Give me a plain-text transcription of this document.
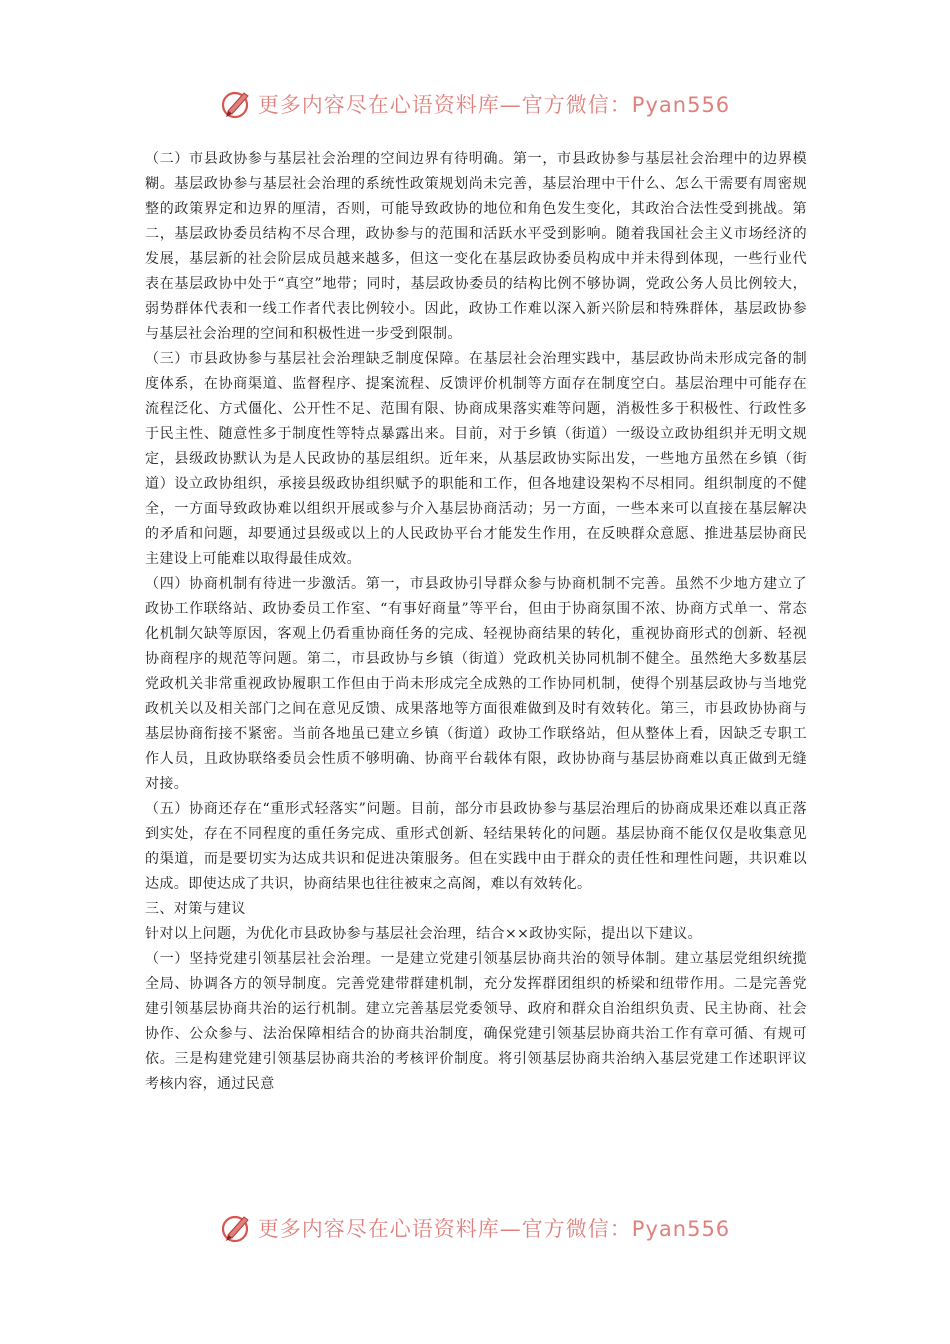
更多内容尽在心语资料库—官方微信：Pyan556

（二）市县政协参与基层社会治理的空间边界有待明确。第一，市县政协参与基层社会治理中的边界模糊。基层政协参与基层社会治理的系统性政策规划尚未完善，基层治理中干什么、怎么干需要有周密规整的政策界定和边界的厘清，否则，可能导致政协的地位和角色发生变化，其政治合法性受到挑战。第二，基层政协委员结构不尽合理，政协参与的范围和活跃水平受到影响。随着我国社会主义市场经济的发展，基层新的社会阶层成员越来越多，但这一变化在基层政协委员构成中并未得到体现，一些行业代表在基层政协中处于“真空”地带；同时，基层政协委员的结构比例不够协调，党政公务人员比例较大，弱势群体代表和一线工作者代表比例较小。因此，政协工作难以深入新兴阶层和特殊群体，基层政协参与基层社会治理的空间和积极性进一步受到限制。

（三）市县政协参与基层社会治理缺乏制度保障。在基层社会治理实践中，基层政协尚未形成完备的制度体系，在协商渠道、监督程序、提案流程、反馈评价机制等方面存在制度空白。基层治理中可能存在流程泛化、方式僵化、公开性不足、范围有限、协商成果落实难等问题，消极性多于积极性、行政性多于民主性、随意性多于制度性等特点暴露出来。目前，对于乡镇（街道）一级设立政协组织并无明文规定，县级政协默认为是人民政协的基层组织。近年来，从基层政协实际出发，一些地方虽然在乡镇（街道）设立政协组织，承接县级政协组织赋予的职能和工作，但各地建设架构不尽相同。组织制度的不健全，一方面导致政协难以组织开展或参与介入基层协商活动；另一方面，一些本来可以直接在基层解决的矛盾和问题，却要通过县级或以上的人民政协平台才能发生作用，在反映群众意愿、推进基层协商民主建设上可能难以取得最佳成效。

（四）协商机制有待进一步激活。第一，市县政协引导群众参与协商机制不完善。虽然不少地方建立了政协工作联络站、政协委员工作室、“有事好商量”等平台，但由于协商氛围不浓、协商方式单一、常态化机制欠缺等原因，客观上仍看重协商任务的完成、轻视协商结果的转化，重视协商形式的创新、轻视协商程序的规范等问题。第二，市县政协与乡镇（街道）党政机关协同机制不健全。虽然绝大多数基层党政机关非常重视政协履职工作但由于尚未形成完全成熟的工作协同机制，使得个别基层政协与当地党政机关以及相关部门之间在意见反馈、成果落地等方面很难做到及时有效转化。第三，市县政协协商与基层协商衔接不紧密。当前各地虽已建立乡镇（街道）政协工作联络站，但从整体上看，因缺乏专职工作人员，且政协联络委员会性质不够明确、协商平台载体有限，政协协商与基层协商难以真正做到无缝对接。

（五）协商还存在“重形式轻落实”问题。目前，部分市县政协参与基层治理后的协商成果还难以真正落到实处，存在不同程度的重任务完成、重形式创新、轻结果转化的问题。基层协商不能仅仅是收集意见的渠道，而是要切实为达成共识和促进决策服务。但在实践中由于群众的责任性和理性问题，共识难以达成。即使达成了共识，协商结果也往往被束之高阁，难以有效转化。

三、对策与建议

针对以上问题，为优化市县政协参与基层社会治理，结合××政协实际，提出以下建议。

（一）坚持党建引领基层社会治理。一是建立党建引领基层协商共治的领导体制。建立基层党组织统揽全局、协调各方的领导制度。完善党建带群建机制，充分发挥群团组织的桥梁和纽带作用。二是完善党建引领基层协商共治的运行机制。建立完善基层党委领导、政府和群众自治组织负责、民主协商、社会协作、公众参与、法治保障相结合的协商共治制度，确保党建引领基层协商共治工作有章可循、有规可依。三是构建党建引领基层协商共治的考核评价制度。将引领基层协商共治纳入基层党建工作述职评议考核内容，通过民意

更多内容尽在心语资料库—官方微信：Pyan556
